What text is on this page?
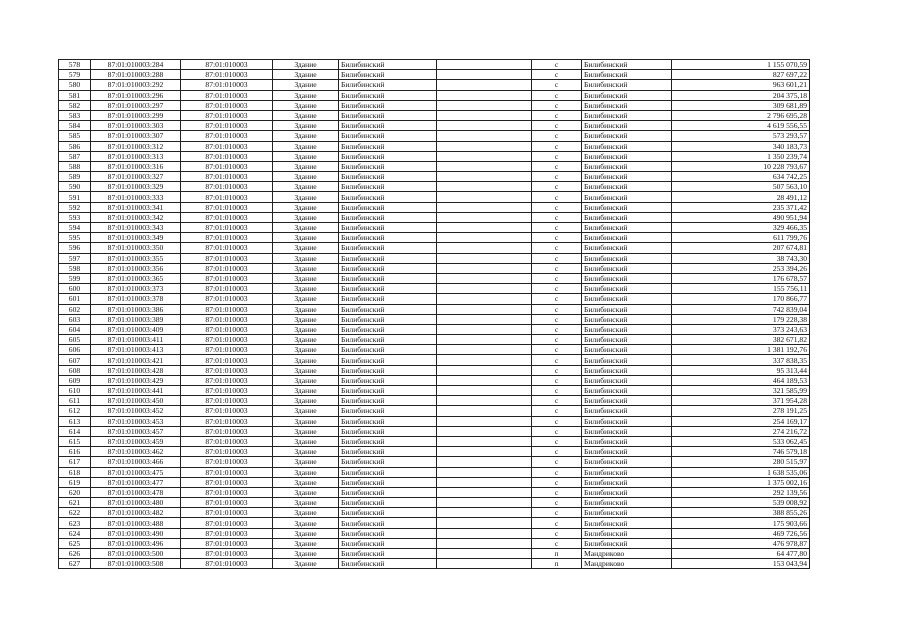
578	87:01:010003:284	87:01:010003	Здание	Билибинский		с	Билибинский	1 155 070,59
579	87:01:010003:288	87:01:010003	Здание	Билибинский		с	Билибинский	827 697,22
580	87:01:010003:292	87:01:010003	Здание	Билибинский		с	Билибинский	963 601,21
581	87:01:010003:296	87:01:010003	Здание	Билибинский		с	Билибинский	204 375,18
582	87:01:010003:297	87:01:010003	Здание	Билибинский		с	Билибинский	309 681,89
583	87:01:010003:299	87:01:010003	Здание	Билибинский		с	Билибинский	2 796 695,28
584	87:01:010003:303	87:01:010003	Здание	Билибинский		с	Билибинский	4 619 556,55
585	87:01:010003:307	87:01:010003	Здание	Билибинский		с	Билибинский	573 293,57
586	87:01:010003:312	87:01:010003	Здание	Билибинский		с	Билибинский	340 183,73
587	87:01:010003:313	87:01:010003	Здание	Билибинский		с	Билибинский	1 350 239,74
588	87:01:010003:316	87:01:010003	Здание	Билибинский		с	Билибинский	10 228 793,67
589	87:01:010003:327	87:01:010003	Здание	Билибинский		с	Билибинский	634 742,25
590	87:01:010003:329	87:01:010003	Здание	Билибинский		с	Билибинский	507 563,10
591	87:01:010003:333	87:01:010003	Здание	Билибинский		с	Билибинский	28 491,12
592	87:01:010003:341	87:01:010003	Здание	Билибинский		с	Билибинский	235 371,42
593	87:01:010003:342	87:01:010003	Здание	Билибинский		с	Билибинский	490 951,94
594	87:01:010003:343	87:01:010003	Здание	Билибинский		с	Билибинский	329 466,35
595	87:01:010003:349	87:01:010003	Здание	Билибинский		с	Билибинский	611 799,76
596	87:01:010003:350	87:01:010003	Здание	Билибинский		с	Билибинский	207 674,81
597	87:01:010003:355	87:01:010003	Здание	Билибинский		с	Билибинский	38 743,30
598	87:01:010003:356	87:01:010003	Здание	Билибинский		с	Билибинский	253 394,26
599	87:01:010003:365	87:01:010003	Здание	Билибинский		с	Билибинский	176 678,57
600	87:01:010003:373	87:01:010003	Здание	Билибинский		с	Билибинский	155 756,11
601	87:01:010003:378	87:01:010003	Здание	Билибинский		с	Билибинский	170 866,77
602	87:01:010003:386	87:01:010003	Здание	Билибинский		с	Билибинский	742 839,04
603	87:01:010003:389	87:01:010003	Здание	Билибинский		с	Билибинский	179 228,38
604	87:01:010003:409	87:01:010003	Здание	Билибинский		с	Билибинский	373 243,63
605	87:01:010003:411	87:01:010003	Здание	Билибинский		с	Билибинский	382 671,82
606	87:01:010003:413	87:01:010003	Здание	Билибинский		с	Билибинский	1 381 192,76
607	87:01:010003:421	87:01:010003	Здание	Билибинский		с	Билибинский	337 838,35
608	87:01:010003:428	87:01:010003	Здание	Билибинский		с	Билибинский	95 313,44
609	87:01:010003:429	87:01:010003	Здание	Билибинский		с	Билибинский	464 189,53
610	87:01:010003:441	87:01:010003	Здание	Билибинский		с	Билибинский	321 585,99
611	87:01:010003:450	87:01:010003	Здание	Билибинский		с	Билибинский	371 954,28
612	87:01:010003:452	87:01:010003	Здание	Билибинский		с	Билибинский	278 191,25
613	87:01:010003:453	87:01:010003	Здание	Билибинский		с	Билибинский	254 169,17
614	87:01:010003:457	87:01:010003	Здание	Билибинский		с	Билибинский	274 216,72
615	87:01:010003:459	87:01:010003	Здание	Билибинский		с	Билибинский	533 062,45
616	87:01:010003:462	87:01:010003	Здание	Билибинский		с	Билибинский	746 579,18
617	87:01:010003:466	87:01:010003	Здание	Билибинский		с	Билибинский	280 515,97
618	87:01:010003:475	87:01:010003	Здание	Билибинский		с	Билибинский	1 638 535,06
619	87:01:010003:477	87:01:010003	Здание	Билибинский		с	Билибинский	1 375 002,16
620	87:01:010003:478	87:01:010003	Здание	Билибинский		с	Билибинский	292 139,56
621	87:01:010003:480	87:01:010003	Здание	Билибинский		с	Билибинский	539 008,92
622	87:01:010003:482	87:01:010003	Здание	Билибинский		с	Билибинский	388 855,26
623	87:01:010003:488	87:01:010003	Здание	Билибинский		с	Билибинский	175 903,66
624	87:01:010003:490	87:01:010003	Здание	Билибинский		с	Билибинский	469 726,56
625	87:01:010003:496	87:01:010003	Здание	Билибинский		с	Билибинский	476 978,87
626	87:01:010003:500	87:01:010003	Здание	Билибинский		п	Мандриково	64 477,80
627	87:01:010003:508	87:01:010003	Здание	Билибинский		п	Мандриково	153 043,94
